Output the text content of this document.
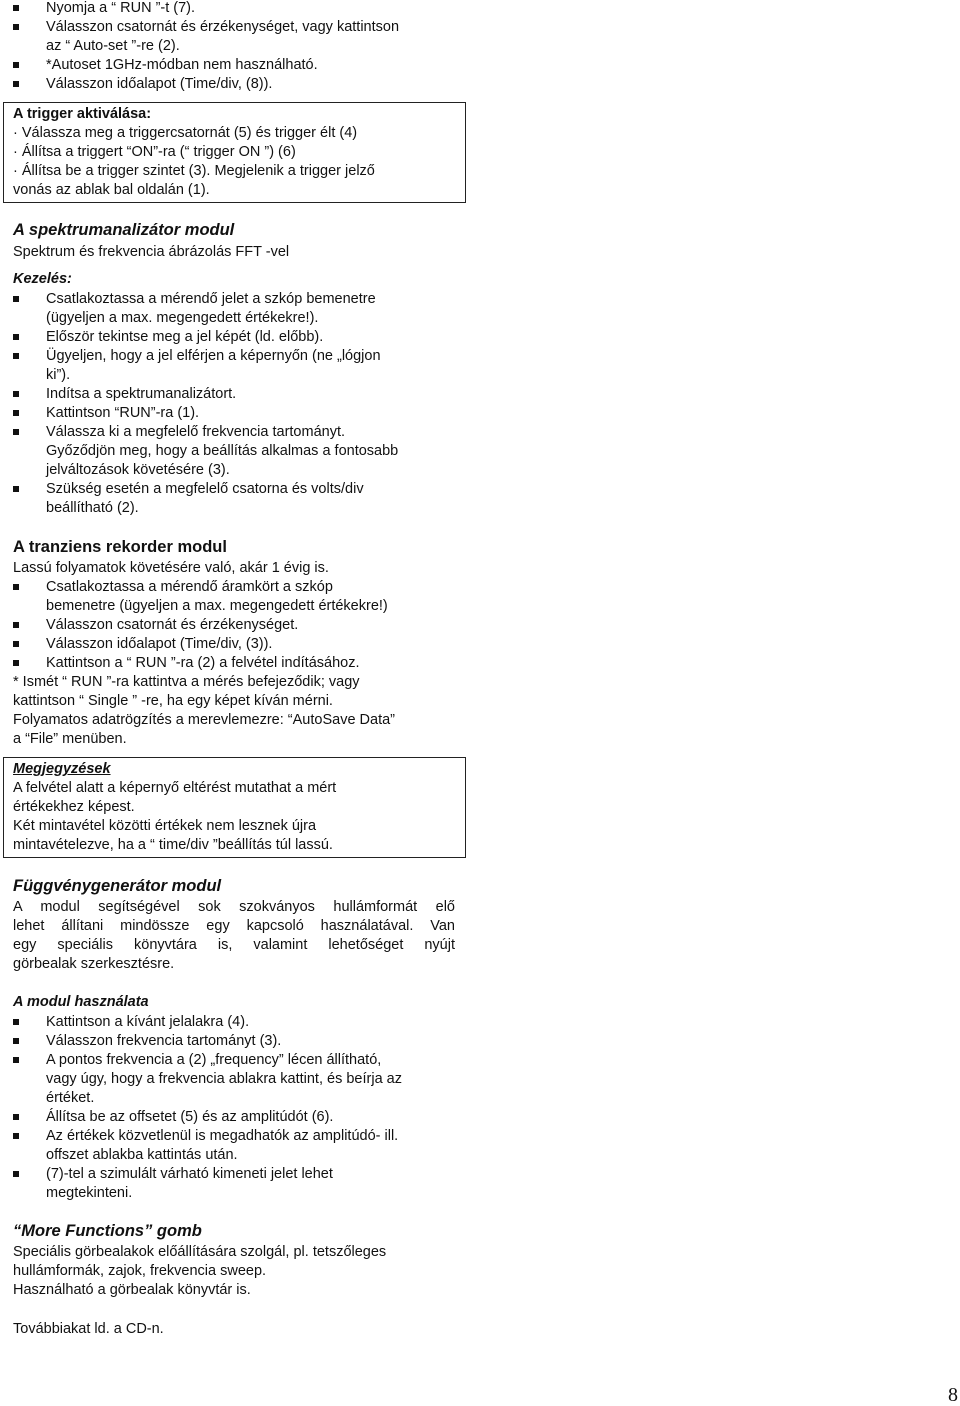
Nyomja a “ RUN ”-t (7).
Válasszon csatornát és érzékenységet, vagy kattintson
az “ Auto-set ”-re (2).
*Autoset 1GHz-módban nem használható.
Válasszon időalapot (Time/div, (8)).
A trigger aktiválása:
· Válassza meg a triggercsatornát (5) és trigger élt (4)
· Állítsa a triggert “ON”-ra (“ trigger ON ”) (6)
· Állítsa be a trigger szintet (3). Megjelenik a trigger jelző
vonás az ablak bal oldalán (1).
A spektrumanalizátor modul
Spektrum és frekvencia ábrázolás FFT -vel
Kezelés:
Csatlakoztassa a mérendő jelet a szkóp bemenetre
(ügyeljen a max. megengedett értékekre!).
Először tekintse meg a jel képét (ld. előbb).
Ügyeljen, hogy a jel elférjen a képernyőn (ne „lógjon
ki”).
Indítsa a spektrumanalizátort.
Kattintson “RUN”-ra (1).
Válassza ki a megfelelő frekvencia tartományt.
Győződjön meg, hogy a beállítás alkalmas a fontosabb
jelváltozások követésére (3).
Szükség esetén a megfelelő csatorna és volts/div
beállítható (2).
A tranziens rekorder modul
Lassú folyamatok követésére való, akár 1 évig is.
Csatlakoztassa a mérendő áramkört a szkóp
bemenetre (ügyeljen a max. megengedett értékekre!)
Válasszon csatornát és érzékenységet.
Válasszon időalapot (Time/div, (3)).
Kattintson a “ RUN ”-ra (2) a felvétel indításához.
* Ismét “ RUN ”-ra kattintva a mérés befejeződik; vagy
kattintson “ Single ” -re, ha egy képet kíván mérni.
Folyamatos adatrögzítés a merevlemezre: “AutoSave Data”
a “File” menüben.
Megjegyzések
A felvétel alatt a képernyő eltérést mutathat a mért
értékekhez képest.
Két mintavétel közötti értékek nem lesznek újra
mintavételezve, ha a “ time/div ”beállítás túl lassú.
Függvénygenerátor modul
A modul segítségével sok szokványos hullámformát elő
lehet állítani mindössze egy kapcsoló használatával. Van
egy speciális könyvtára is, valamint lehetőséget nyújt
görbealak szerkesztésre.
A modul használata
Kattintson a kívánt jelalakra (4).
Válasszon frekvencia tartományt (3).
A pontos frekvencia a (2) „frequency” lécen állítható,
vagy úgy, hogy a frekvencia ablakra kattint, és beírja az
értéket.
Állítsa be az offsetet (5) és az amplitúdót (6).
Az értékek közvetlenül is megadhatók az amplitúdó- ill.
offszet ablakba kattintás után.
(7)-tel a szimulált várható kimeneti jelet lehet
megtekinteni.
“More Functions” gomb
Speciális görbealakok előállítására szolgál, pl. tetszőleges
hullámformák, zajok, frekvencia sweep.
Használható a görbealak könyvtár is.
Továbbiakat ld. a CD-n.
8
